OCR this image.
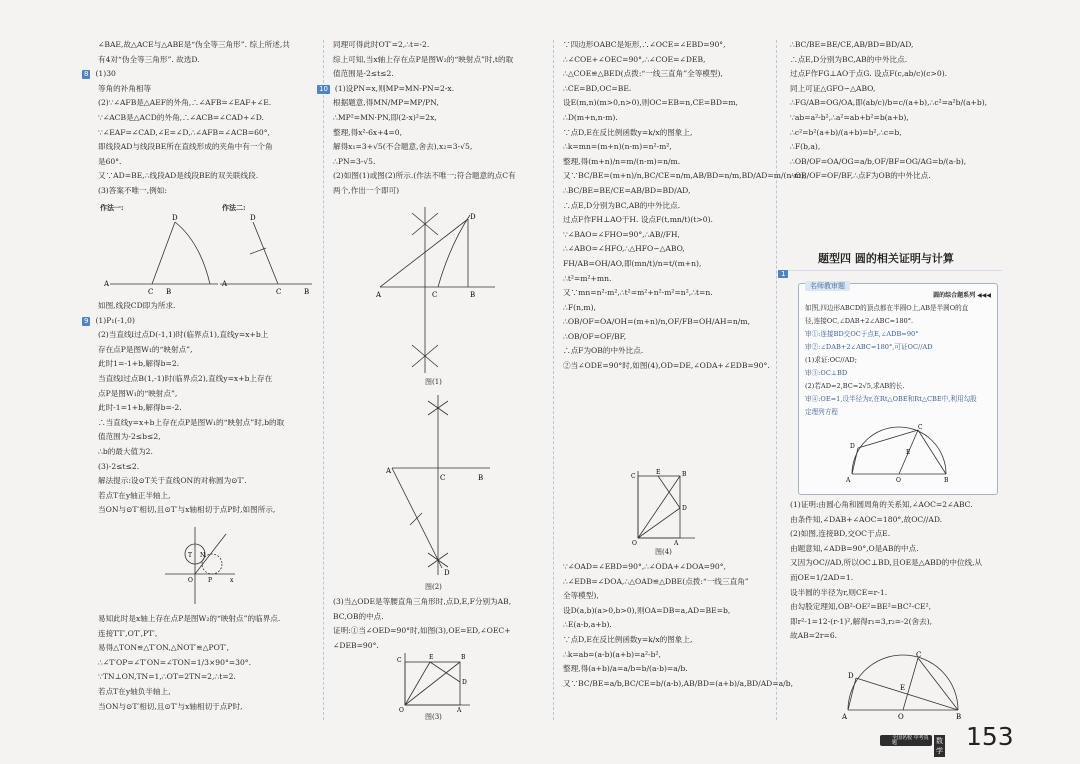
∠BAE,故△ACE与△ABE是“伪全等三角形”. 综上所述,共

有4对“伪全等三角形”. 故选D.

8 (1)30

等角的补角相等

(2)∵∠AFB是△AEF的外角,∴∠AFB=∠EAF+∠E.

∵∠ACB是△ACD的外角,∴∠ACB=∠CAD+∠D.

∵∠EAF=∠CAD,∠E=∠D,∴∠AFB=∠ACB=60°,

即线段AD与线段BE所在直线形成的夹角中有一个角

是60°.

又∵AD=BE,∴线段AD是线段BE的双关联线段.

(3)答案不唯一,例如:

作法一:	作法二:
A
C B
D
A
C	B
D

如图,线段CD即为所求.

9 (1)P₁(-1,0)

(2)当直线l过点D(-1,1)时(临界点1),直线y=x+b上

存在点P是图W₁的“映射点”,

此时1=-1+b,解得b=2.

当直线l过点B(1,-1)时(临界点2),直线y=x+b上存在

点P是图W₁的“映射点”,

此时-1=1+b,解得b=-2.

∴当直线y=x+b上存在点P是图W₁的“映射点”时,b的取

值范围为-2≤b≤2,

∴b的最大值为2.

(3)-2≤t≤2.

解法提示:设⊙T关于直线ON的对称圆为⊙T′.

若点T在y轴正半轴上,

当ON与⊙T′相切,且⊙T′与x轴相切于点P时,如图所示,

T N
O	P	x

易知此时是x轴上存在点P是图W₂的“映射点”的临界点.

连接TT′,OT′,PT′,

易得△TON≌△T′ON,△NOT′≌△POT′,

∴∠T′OP=∠T′ON=∠TON=1/3×90°=30°.

∵TN⊥ON,TN=1,∴OT=2TN=2,∴t=2.

若点T在y轴负半轴上,

当ON与⊙T′相切,且⊙T′与x轴相切于点P时,

同理可得此时OT′=2,∴t=-2.

综上可知,当x轴上存在点P是图W₂的“映射点”时,t的取

值范围是-2≤t≤2.

10 (1)设PN=x,则MP=MN-PN=2-x.

根据题意,得MN/MP=MP/PN,

∴MP²=MN·PN,即(2-x)²=2x,

整理,得x²-6x+4=0,

解得x₁=3+√5(不合题意,舍去),x₂=3-√5,

∴PN=3-√5.

(2)如图(1)或图(2)所示.(作法不唯一;符合题意的点C有

两个,作出一个即可)

A	C	B
D
图(1)
A
C	B
D
图(2)

(3)当△ODE是等腰直角三角形时,点D,E,F分别为AB,

BC,OB的中点.

证明:①当∠OED=90°时,如图(3),OE=ED,∠OEC+

∠DEB=90°.

O	A
C	E	B
D
图(3)

∵四边形OABC是矩形,∴∠OCE=∠EBD=90°,

∴∠COE+∠OEC=90°,∴∠COE=∠DEB,

∴△COE≌△BED(点拨:“一线三直角”全等模型),

∴CE=BD,OC=BE.

设E(m,n)(m>0,n>0),则OC=EB=n,CE=BD=m,

∴D(m+n,n-m).

∵点D,E在反比例函数y=k/x的图象上,

∴k=mn=(m+n)(n-m)=n²-m²,

整理,得(m+n)/n=m/(n-m)=n/m.

又∵BC/BE=(m+n)/n,BC/CE=n/m,AB/BD=n/m,BD/AD=m/(n-m),

∴BC/BE=BE/CE=AB/BD=BD/AD,

∴点E,D分别为BC,AB的中外比点.

过点F作FH⊥AO于H. 设点F(t,mn/t)(t>0).

∵∠BAO=∠FHO=90°,∴AB//FH,

∴∠ABO=∠HFO,∴△HFO∽△ABO,

FH/AB=OH/AO,即(mn/t)/n=t/(m+n),

∴t²=m²+mn.

又∵mn=n²-m²,∴t²=m²+n²-m²=n²,∴t=n.

∴F(n,m),

∴OB/OF=OA/OH=(m+n)/n,OF/FB=OH/AH=n/m,

∴OB/OF=OF/BF,

∴点F为OB的中外比点.

②当∠ODE=90°时,如图(4),OD=DE,∠ODA+∠EDB=90°.

O	A
C
E	B
D
图(4)

∵∠OAD=∠EBD=90°,∴∠ODA+∠DOA=90°,

∴∠EDB=∠DOA,∴△OAD≌△DBE(点拨:“一线三直角”

全等模型),

设D(a,b)(a>0,b>0),则OA=DB=a,AD=BE=b,

∴E(a-b,a+b).

∵点D,E在反比例函数y=k/x的图象上,

∴k=ab=(a-b)(a+b)=a²-b²,

整理,得(a+b)/a=a/b=b/(a-b)=a/b.

又∵BC/BE=a/b,BC/CE=b/(a-b),AB/BD=(a+b)/a,BD/AD=a/b,

∴BC/BE=BE/CE,AB/BD=BD/AD,

∴点E,D分别为BC,AB的中外比点.

过点F作FG⊥AO于点G. 设点F(c,ab/c)(c>0).

同上可证△GFO∽△ABO,

∴FG/AB=OG/OA,即(ab/c)/b=c/(a+b),∴c²=a²b/(a+b),

∵ab=a²-b²,∴a²=ab+b²=b(a+b),

∴c²=b²(a+b)/(a+b)=b²,∴c=b,

∴F(b,a),

∴OB/OF=OA/OG=a/b,OF/BF=OG/AG=b/(a-b),

∴OB/OF=OF/BF,∴点F为OB的中外比点.

题型四 圆的相关证明与计算
1
名师教审题
圆的综合题系列 ◀◀◀

如图,四边形ABCD的顶点都在半圆O上,AB是半圆O的直

径,连接OC,∠DAB+2∠ABC=180°.

审①:连接BD交OC于点E,∠ADB=90°

审②:∠DAB+2∠ABC=180°,可证OC//AD

(1)求证:OC//AD;

审③:OC⊥BD

(2)若AD=2,BC=2√5,求AB的长.

审④:OE=1,设半径为r,在Rt△OBE和Rt△CBE中,利用勾股

定理列方程

A	O	B
D
C
E

(1)证明:由圆心角和圆周角的关系知,∠AOC=2∠ABC.

由条件知,∠DAB+∠AOC=180°,故OC//AD.

(2)如图,连接BD,交OC于点E.

由题意知,∠ADB=90°,O是AB的中点.

又因为OC//AD,所以OC⊥BD,且OE是△ABD的中位线,从

而OE=1/2AD=1.

设半圆的半径为r,则CE=r-1.

由勾股定理知,OB²-OE²=BE²=BC²-CE²,

即r²-1=12-(r-1)²,解得r₁=3,r₂=-2(舍去),

故AB=2r=6.

A	O	B
D
C
E
全国名校 中考真题	数学 153
